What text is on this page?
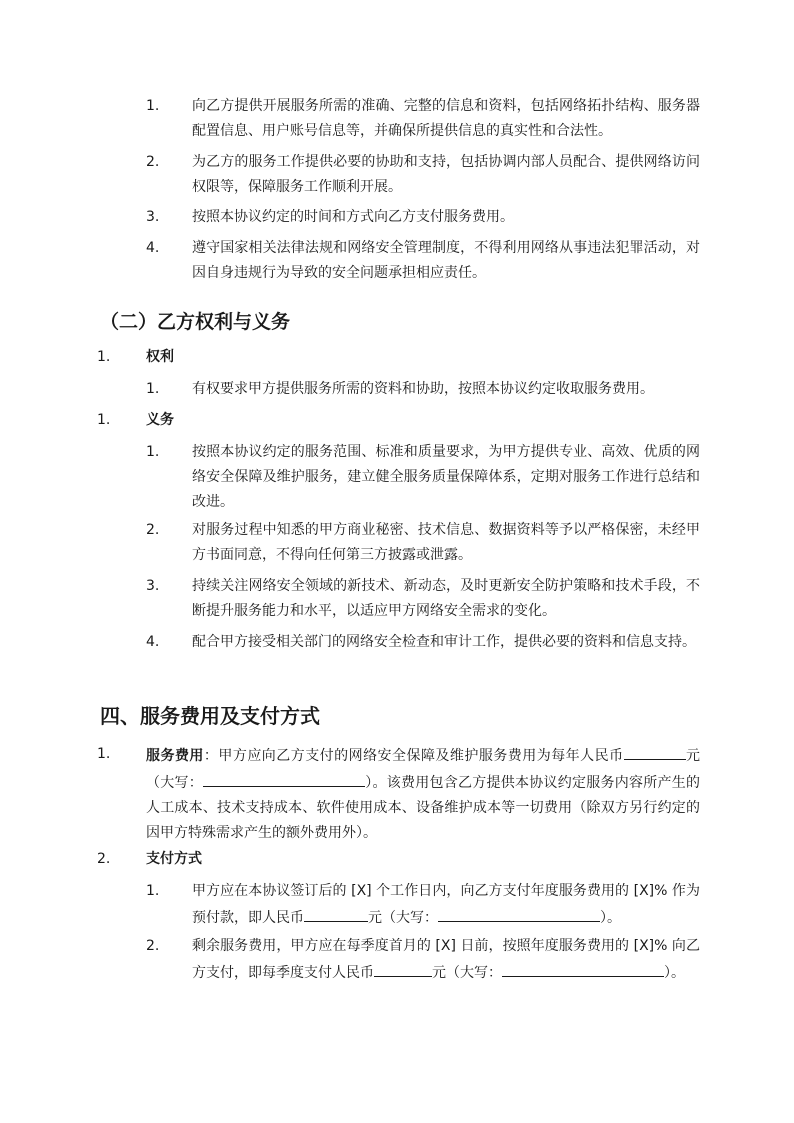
1. 向乙方提供开展服务所需的准确、完整的信息和资料，包括网络拓扑结构、服务器配置信息、用户账号信息等，并确保所提供信息的真实性和合法性。
2. 为乙方的服务工作提供必要的协助和支持，包括协调内部人员配合、提供网络访问权限等，保障服务工作顺利开展。
3. 按照本协议约定的时间和方式向乙方支付服务费用。
4. 遵守国家相关法律法规和网络安全管理制度，不得利用网络从事违法犯罪活动，对因自身违规行为导致的安全问题承担相应责任。
（二）乙方权利与义务
1.	权利
1. 有权要求甲方提供服务所需的资料和协助，按照本协议约定收取服务费用。
1.	义务
1. 按照本协议约定的服务范围、标准和质量要求，为甲方提供专业、高效、优质的网络安全保障及维护服务，建立健全服务质量保障体系，定期对服务工作进行总结和改进。
2. 对服务过程中知悉的甲方商业秘密、技术信息、数据资料等予以严格保密，未经甲方书面同意，不得向任何第三方披露或泄露。
3. 持续关注网络安全领域的新技术、新动态，及时更新安全防护策略和技术手段，不断提升服务能力和水平，以适应甲方网络安全需求的变化。
4. 配合甲方接受相关部门的网络安全检查和审计工作，提供必要的资料和信息支持。
四、服务费用及支付方式
1.	服务费用：甲方应向乙方支付的网络安全保障及维护服务费用为每年人民币	元（大写：	）。该费用包含乙方提供本协议约定服务内容所产生的人工成本、技术支持成本、软件使用成本、设备维护成本等一切费用（除双方另行约定的因甲方特殊需求产生的额外费用外）。
2.	支付方式
1. 甲方应在本协议签订后的 [X] 个工作日内，向乙方支付年度服务费用的 [X]% 作为预付款，即人民币	元（大写：	）。
2. 剩余服务费用，甲方应在每季度首月的 [X] 日前，按照年度服务费用的 [X]% 向乙方支付，即每季度支付人民币	元（大写：	）。
